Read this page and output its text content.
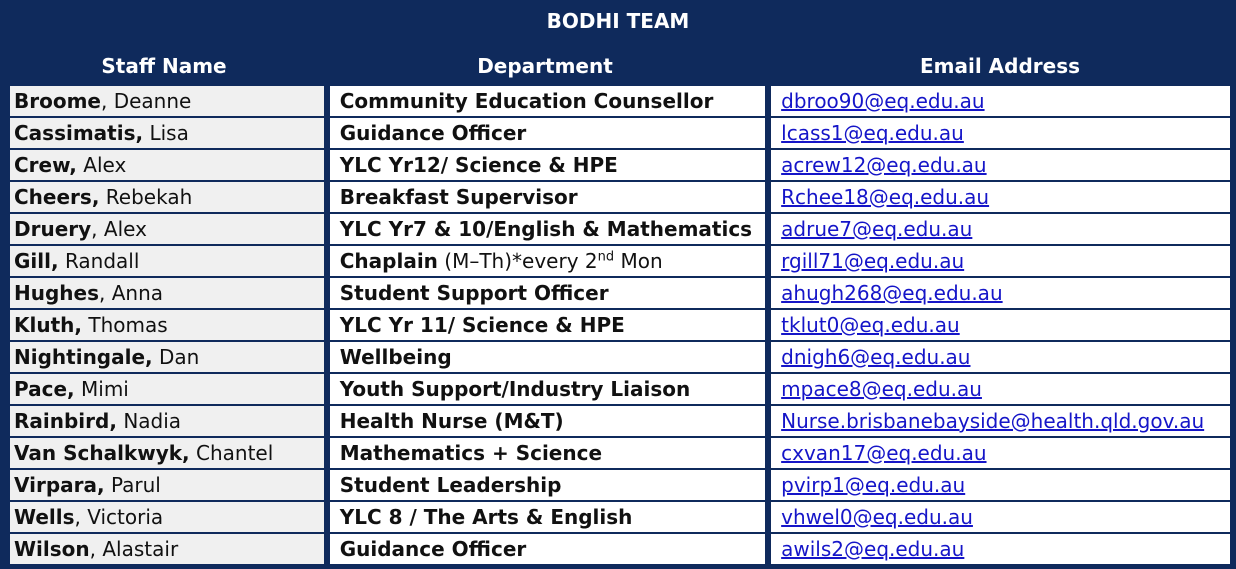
BODHI TEAM
Staff Name	Department	Email Address
Broome, Deanne	Community Education Counsellor	dbroo90@eq.edu.au
Cassimatis, Lisa	Guidance Officer	lcass1@eq.edu.au
Crew, Alex	YLC Yr12/ Science & HPE	acrew12@eq.edu.au
Cheers, Rebekah	Breakfast Supervisor	Rchee18@eq.edu.au
Druery, Alex	YLC Yr7 & 10/English & Mathematics	adrue7@eq.edu.au
Gill, Randall	Chaplain (M–Th)*every 2nd Mon	rgill71@eq.edu.au
Hughes, Anna	Student Support Officer	ahugh268@eq.edu.au
Kluth, Thomas	YLC Yr 11/ Science & HPE	tklut0@eq.edu.au
Nightingale, Dan	Wellbeing	dnigh6@eq.edu.au
Pace, Mimi	Youth Support/Industry Liaison	mpace8@eq.edu.au
Rainbird, Nadia	Health Nurse (M&T)	Nurse.brisbanebayside@health.qld.gov.au
Van Schalkwyk, Chantel	Mathematics + Science	cxvan17@eq.edu.au
Virpara, Parul	Student Leadership	pvirp1@eq.edu.au
Wells, Victoria	YLC 8 / The Arts & English	vhwel0@eq.edu.au
Wilson, Alastair	Guidance Officer	awils2@eq.edu.au
